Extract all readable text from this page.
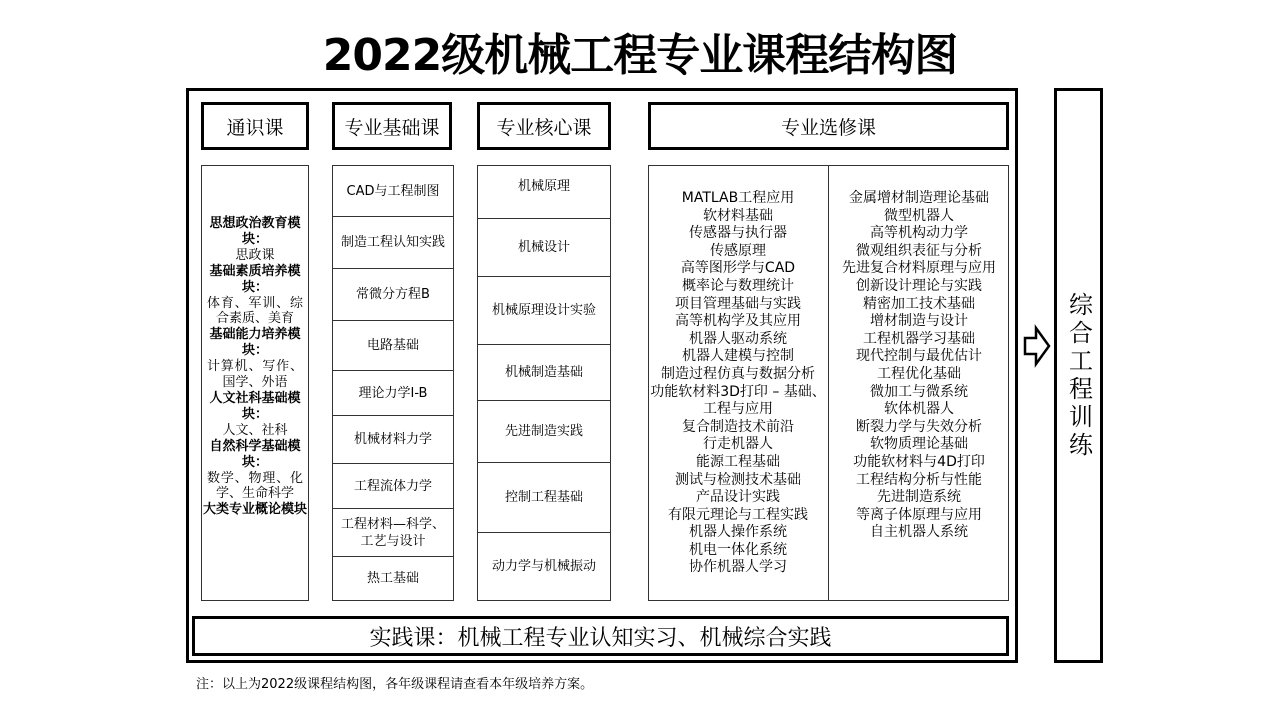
2022级机械工程专业课程结构图
通识课	专业基础课	专业核心课	专业选修课
思想政治教育模块：
思政课
基础素质培养模块：
体育、军训、综合素质、美育
基础能力培养模块：
计算机、写作、国学、外语
人文社科基础模块：
人文、社科
自然科学基础模块：
数学、物理、化学、生命科学
大类专业概论模块
CAD与工程制图
制造工程认知实践
常微分方程B
电路基础
理论力学I-B
机械材料力学
工程流体力学
工程材料—科学、工艺与设计
热工基础
机械原理
机械设计
机械原理设计实验
机械制造基础
先进制造实践
控制工程基础
动力学与机械振动
MATLAB工程应用
软材料基础
传感器与执行器
传感原理
高等图形学与CAD
概率论与数理统计
项目管理基础与实践
高等机构学及其应用
机器人驱动系统
机器人建模与控制
制造过程仿真与数据分析
功能软材料3D打印 – 基础、
工程与应用
复合制造技术前沿
行走机器人
能源工程基础
测试与检测技术基础
产品设计实践
有限元理论与工程实践
机器人操作系统
机电一体化系统
协作机器人学习
金属增材制造理论基础
微型机器人
高等机构动力学
微观组织表征与分析
先进复合材料原理与应用
创新设计理论与实践
精密加工技术基础
增材制造与设计
工程机器学习基础
现代控制与最优估计
工程优化基础
微加工与微系统
软体机器人
断裂力学与失效分析
软物质理论基础
功能软材料与4D打印
工程结构分析与性能
先进制造系统
等离子体原理与应用
自主机器人系统
实践课：机械工程专业认知实习、机械综合实践
综合工程训练
注：以上为2022级课程结构图，各年级课程请查看本年级培养方案。
